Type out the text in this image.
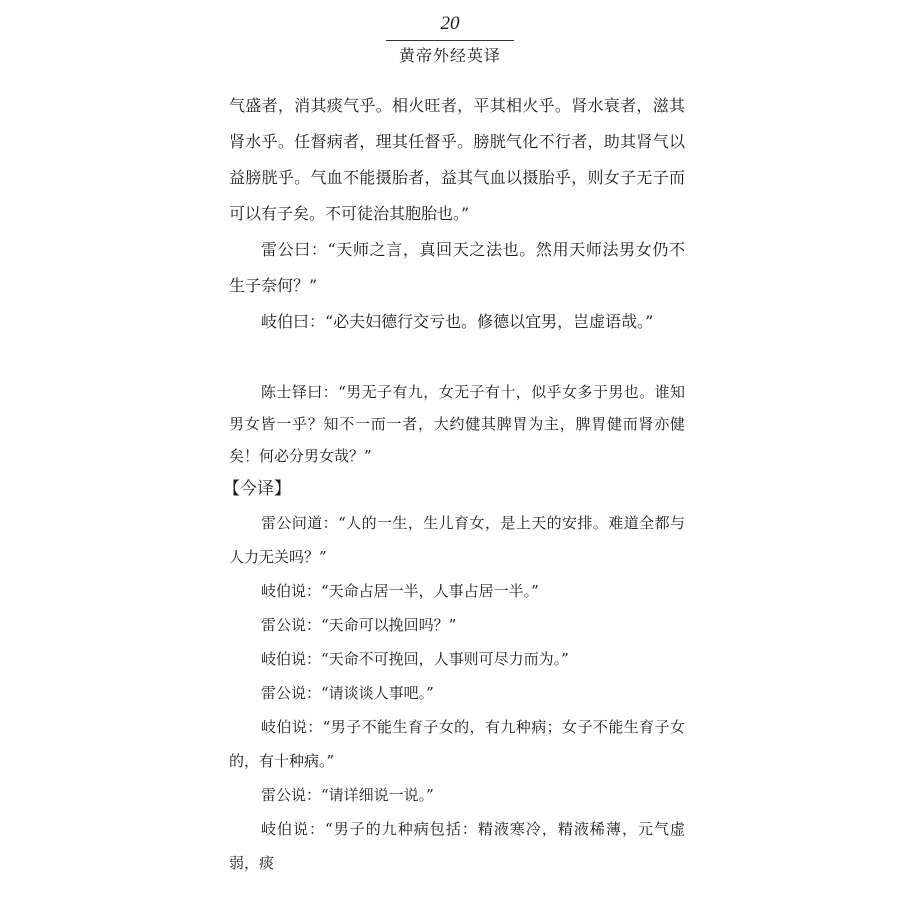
20
黄帝外经英译

气盛者，消其痰气乎。相火旺者，平其相火乎。肾水衰者，滋其肾水乎。任督病者，理其任督乎。膀胱气化不行者，助其肾气以益膀胱乎。气血不能摄胎者，益其气血以摄胎乎，则女子无子而可以有子矣。不可徒治其胞胎也。”

雷公曰：“天师之言，真回天之法也。然用天师法男女仍不生子奈何？”

岐伯曰：“必夫妇德行交亏也。修德以宜男，岂虚语哉。”

陈士铎曰：“男无子有九，女无子有十，似乎女多于男也。谁知男女皆一乎？知不一而一者，大约健其脾胃为主，脾胃健而肾亦健矣！何必分男女哉？”

【今译】

雷公问道：“人的一生，生儿育女，是上天的安排。难道全都与人力无关吗？”

岐伯说：“天命占居一半，人事占居一半。”

雷公说：“天命可以挽回吗？”

岐伯说：“天命不可挽回，人事则可尽力而为。”

雷公说：“请谈谈人事吧。”

岐伯说：“男子不能生育子女的，有九种病；女子不能生育子女的，有十种病。”

雷公说：“请详细说一说。”

岐伯说：“男子的九种病包括：精液寒冷，精液稀薄，元气虚弱，痰
